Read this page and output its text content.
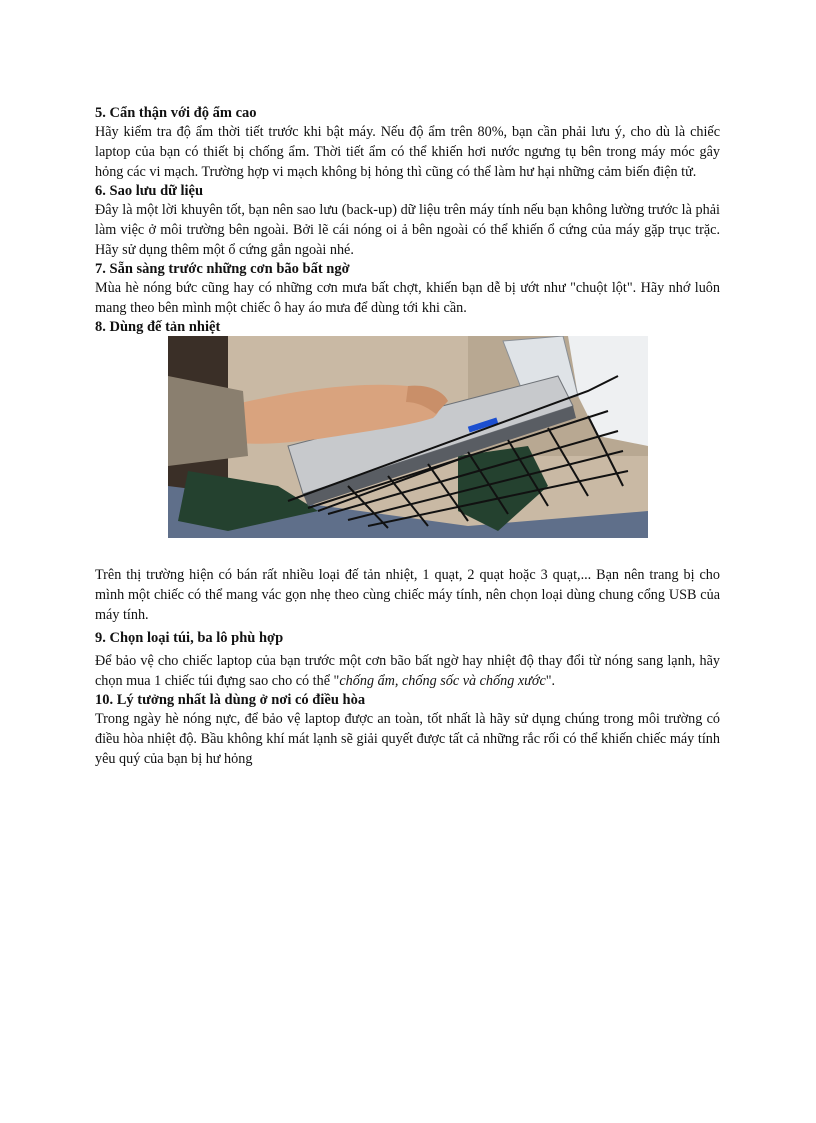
5. Cẩn thận với độ ẩm cao

Hãy kiểm tra độ ẩm thời tiết trước khi bật máy. Nếu độ ẩm trên 80%, bạn cần phải lưu ý, cho dù là chiếc laptop của bạn có thiết bị chống ẩm. Thời tiết ẩm có thể khiến hơi nước ngưng tụ bên trong máy móc gây hỏng các vi mạch. Trường hợp vi mạch không bị hỏng thì cũng có thể làm hư hại những cảm biến điện tử.

6. Sao lưu dữ liệu

Đây là một lời khuyên tốt, bạn nên sao lưu (back-up) dữ liệu trên máy tính nếu bạn không lường trước là phải làm việc ở môi trường bên ngoài. Bởi lẽ cái nóng oi ả bên ngoài có thể khiến ổ cứng của máy gặp trục trặc. Hãy sử dụng thêm một ổ cứng gắn ngoài nhé.

7. Sẵn sàng trước những cơn bão bất ngờ

Mùa hè nóng bức cũng hay có những cơn mưa bất chợt, khiến bạn dễ bị ướt như "chuột lột". Hãy nhớ luôn mang theo bên mình một chiếc ô hay áo mưa để dùng tới khi cần.

8. Dùng đế tản nhiệt

Trên thị trường hiện có bán rất nhiều loại đế tản nhiệt, 1 quạt, 2 quạt hoặc 3 quạt,... Bạn nên trang bị cho mình một chiếc có thể mang vác gọn nhẹ theo cùng chiếc máy tính, nên chọn loại dùng chung cổng USB của máy tính.

9. Chọn loại túi, ba lô phù hợp

Để bảo vệ cho chiếc laptop của bạn trước một cơn bão bất ngờ hay nhiệt độ thay đổi từ nóng sang lạnh, hãy chọn mua 1 chiếc túi đựng sao cho có thể "chống ẩm, chống sốc và chống xước".

10. Lý tưởng nhất là dùng ở nơi có điều hòa

Trong ngày hè nóng nực, để bảo vệ laptop được an toàn, tốt nhất là hãy sử dụng chúng trong môi trường có điều hòa nhiệt độ. Bầu không khí mát lạnh sẽ giải quyết được tất cả những rắc rối có thể khiến chiếc máy tính yêu quý của bạn bị hư hỏng
